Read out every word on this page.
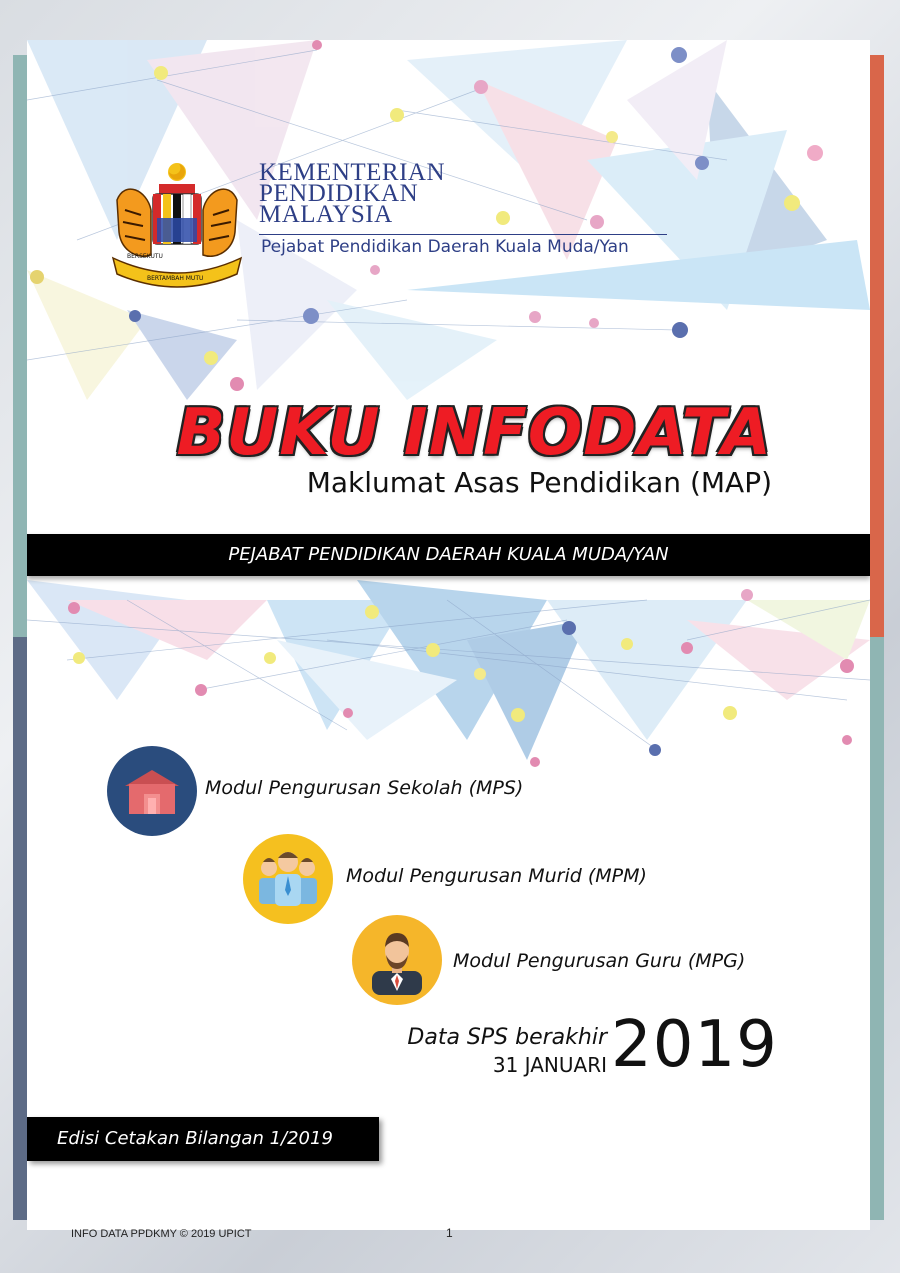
BERSEKUTU
BERTAMBAH MUTU
KEMENTERIAN
PENDIDIKAN
MALAYSIA
Pejabat Pendidikan Daerah Kuala Muda/Yan
BUKU INFODATA
Maklumat Asas Pendidikan (MAP)
PEJABAT PENDIDIKAN DAERAH KUALA MUDA/YAN
Modul Pengurusan Sekolah (MPS)
Modul Pengurusan Murid (MPM)
Modul Pengurusan Guru (MPG)
Data SPS berakhir
31 JANUARI 2019
Edisi Cetakan Bilangan 1/2019
INFO DATA PPDKMY © 2019 UPICT	1
